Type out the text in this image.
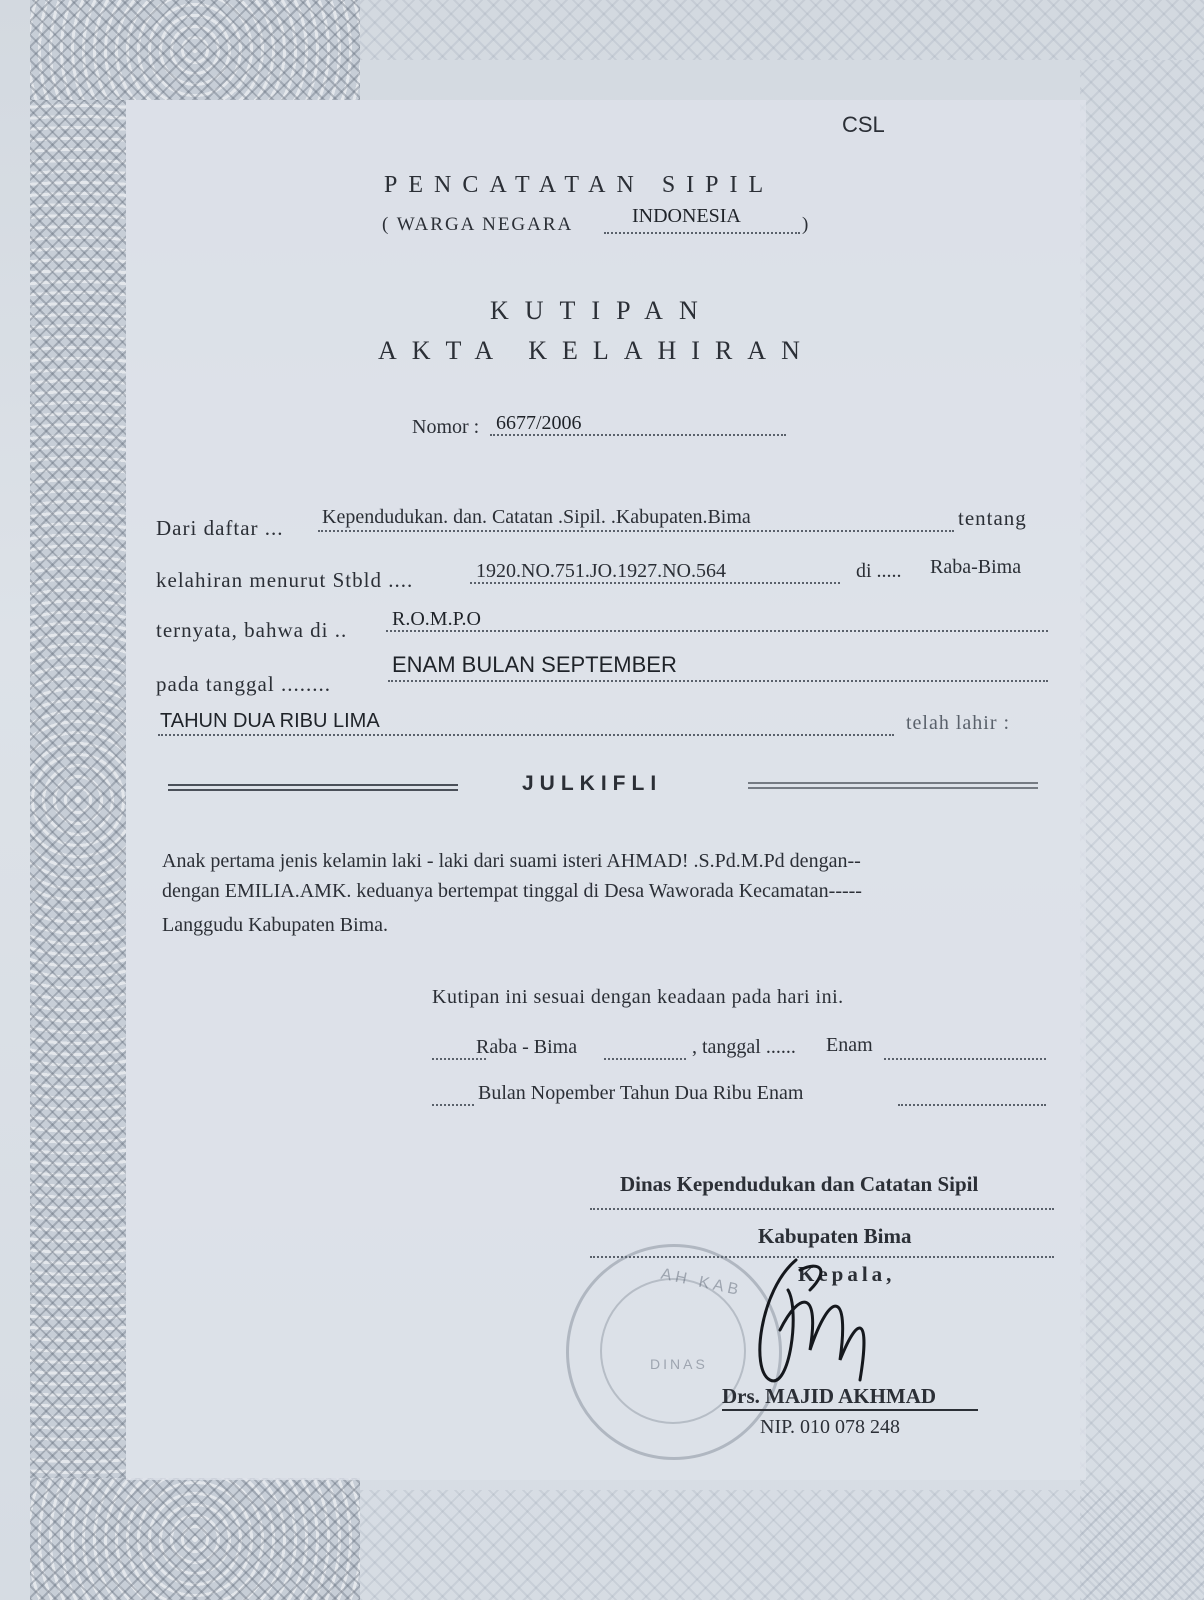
CSL
PENCATATAN SIPIL
( WARGA NEGARA	INDONESIA	)
KUTIPAN
AKTA KELAHIRAN
Nomor : 6677/2006
Dari daftar ... Kependudukan. dan. Catatan .Sipil. .Kabupaten.Bima	tentang
kelahiran menurut Stbld ....	1920.NO.751.JO.1927.NO.564	di ..... Raba-Bima
ternyata, bahwa di .. R.O.M.P.O
pada tanggal ........
ENAM BULAN SEPTEMBER
TAHUN DUA RIBU LIMA	telah lahir :
JULKIFLI
Anak pertama jenis kelamin laki - laki dari suami isteri AHMAD! .S.Pd.M.Pd dengan--
dengan EMILIA.AMK. keduanya bertempat tinggal di Desa Waworada Kecamatan-----
Langgudu Kabupaten Bima.
Kutipan ini sesuai dengan keadaan pada hari ini.
Raba - Bima	, tanggal ...... Enam
Bulan Nopember Tahun Dua Ribu Enam
Dinas Kependudukan dan Catatan Sipil
Kabupaten Bima
Kepala,
AH KAB
DINAS
Drs. MAJID AKHMAD
NIP. 010 078 248
